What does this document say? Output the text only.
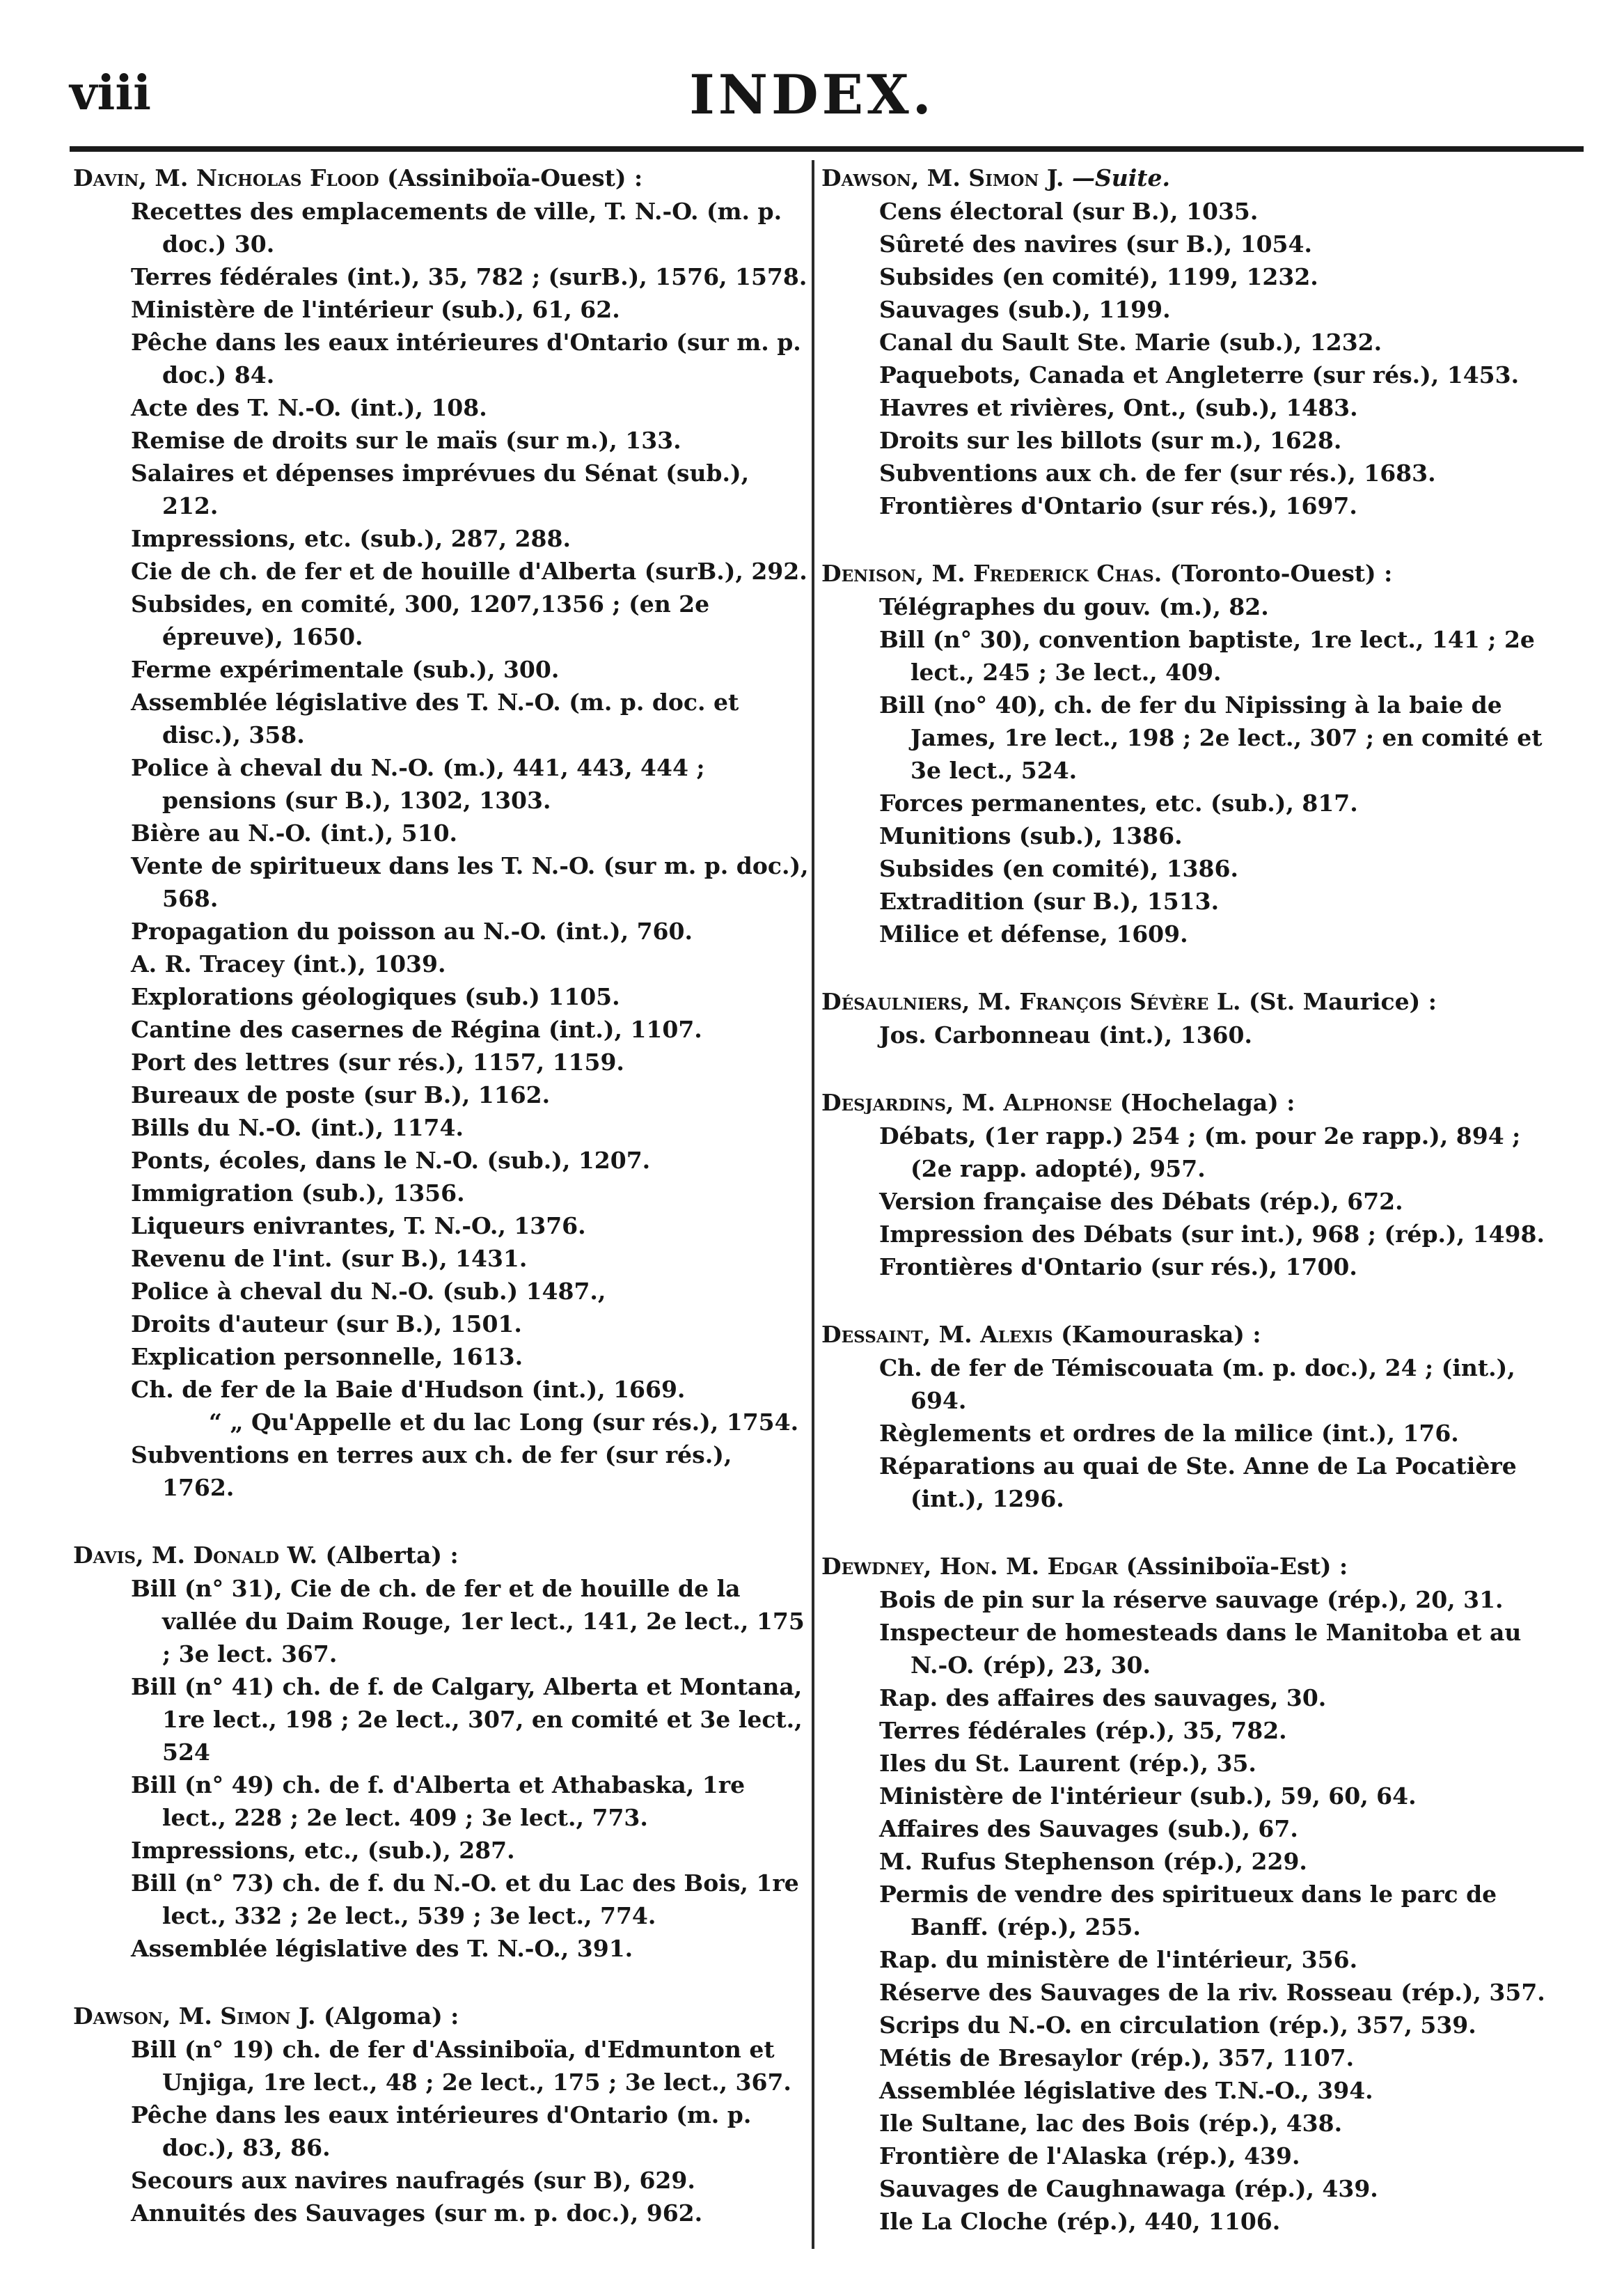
viii	INDEX.
Davin, M. Nicholas Flood (Assiniboïa-Ouest) :
Recettes des emplacements de ville, T. N.-O. (m. p. doc.) 30.
Terres fédérales (int.), 35, 782 ; (surB.), 1576, 1578.
Ministère de l'intérieur (sub.), 61, 62.
Pêche dans les eaux intérieures d'Ontario (sur m. p. doc.) 84.
Acte des T. N.-O. (int.), 108.
Remise de droits sur le maïs (sur m.), 133.
Salaires et dépenses imprévues du Sénat (sub.), 212.
Impressions, etc. (sub.), 287, 288.
Cie de ch. de fer et de houille d'Alberta (surB.), 292.
Subsides, en comité, 300, 1207,1356 ; (en 2e épreuve), 1650.
Ferme expérimentale (sub.), 300.
Assemblée législative des T. N.-O. (m. p. doc. et disc.), 358.
Police à cheval du N.-O. (m.), 441, 443, 444 ; pensions (sur B.), 1302, 1303.
Bière au N.-O. (int.), 510.
Vente de spiritueux dans les T. N.-O. (sur m. p. doc.), 568.
Propagation du poisson au N.-O. (int.), 760.
A. R. Tracey (int.), 1039.
Explorations géologiques (sub.) 1105.
Cantine des casernes de Régina (int.), 1107.
Port des lettres (sur rés.), 1157, 1159.
Bureaux de poste (sur B.), 1162.
Bills du N.-O. (int.), 1174.
Ponts, écoles, dans le N.-O. (sub.), 1207.
Immigration (sub.), 1356.
Liqueurs enivrantes, T. N.-O., 1376.
Revenu de l'int. (sur B.), 1431.
Police à cheval du N.-O. (sub.) 1487.,
Droits d'auteur (sur B.), 1501.
Explication personnelle, 1613.
Ch. de fer de la Baie d'Hudson (int.), 1669.
“ „ Qu'Appelle et du lac Long (sur rés.), 1754.
Subventions en terres aux ch. de fer (sur rés.), 1762.
Davis, M. Donald W. (Alberta) :
Bill (n° 31), Cie de ch. de fer et de houille de la vallée du Daim Rouge, 1er lect., 141, 2e lect., 175 ; 3e lect. 367.
Bill (n° 41) ch. de f. de Calgary, Alberta et Montana, 1re lect., 198 ; 2e lect., 307, en comité et 3e lect., 524
Bill (n° 49) ch. de f. d'Alberta et Athabaska, 1re lect., 228 ; 2e lect. 409 ; 3e lect., 773.
Impressions, etc., (sub.), 287.
Bill (n° 73) ch. de f. du N.-O. et du Lac des Bois, 1re lect., 332 ; 2e lect., 539 ; 3e lect., 774.
Assemblée législative des T. N.-O., 391.
Dawson, M. Simon J. (Algoma) :
Bill (n° 19) ch. de fer d'Assiniboïa, d'Edmunton et Unjiga, 1re lect., 48 ; 2e lect., 175 ; 3e lect., 367.
Pêche dans les eaux intérieures d'Ontario (m. p. doc.), 83, 86.
Secours aux navires naufragés (sur B), 629.
Annuités des Sauvages (sur m. p. doc.), 962.
Dawson, M. Simon J. —Suite.
Cens électoral (sur B.), 1035.
Sûreté des navires (sur B.), 1054.
Subsides (en comité), 1199, 1232.
Sauvages (sub.), 1199.
Canal du Sault Ste. Marie (sub.), 1232.
Paquebots, Canada et Angleterre (sur rés.), 1453.
Havres et rivières, Ont., (sub.), 1483.
Droits sur les billots (sur m.), 1628.
Subventions aux ch. de fer (sur rés.), 1683.
Frontières d'Ontario (sur rés.), 1697.
Denison, M. Frederick Chas. (Toronto-Ouest) :
Télégraphes du gouv. (m.), 82.
Bill (n° 30), convention baptiste, 1re lect., 141 ; 2e lect., 245 ; 3e lect., 409.
Bill (no° 40), ch. de fer du Nipissing à la baie de James, 1re lect., 198 ; 2e lect., 307 ; en comité et 3e lect., 524.
Forces permanentes, etc. (sub.), 817.
Munitions (sub.), 1386.
Subsides (en comité), 1386.
Extradition (sur B.), 1513.
Milice et défense, 1609.
Désaulniers, M. François Sévère L. (St. Maurice) :
Jos. Carbonneau (int.), 1360.
Desjardins, M. Alphonse (Hochelaga) :
Débats, (1er rapp.) 254 ; (m. pour 2e rapp.), 894 ; (2e rapp. adopté), 957.
Version française des Débats (rép.), 672.
Impression des Débats (sur int.), 968 ; (rép.), 1498.
Frontières d'Ontario (sur rés.), 1700.
Dessaint, M. Alexis (Kamouraska) :
Ch. de fer de Témiscouata (m. p. doc.), 24 ; (int.), 694.
Règlements et ordres de la milice (int.), 176.
Réparations au quai de Ste. Anne de La Pocatière (int.), 1296.
Dewdney, Hon. M. Edgar (Assiniboïa-Est) :
Bois de pin sur la réserve sauvage (rép.), 20, 31.
Inspecteur de homesteads dans le Manitoba et au N.-O. (rép), 23, 30.
Rap. des affaires des sauvages, 30.
Terres fédérales (rép.), 35, 782.
Iles du St. Laurent (rép.), 35.
Ministère de l'intérieur (sub.), 59, 60, 64.
Affaires des Sauvages (sub.), 67.
M. Rufus Stephenson (rép.), 229.
Permis de vendre des spiritueux dans le parc de Banff. (rép.), 255.
Rap. du ministère de l'intérieur, 356.
Réserve des Sauvages de la riv. Rosseau (rép.), 357.
Scrips du N.-O. en circulation (rép.), 357, 539.
Métis de Bresaylor (rép.), 357, 1107.
Assemblée législative des T.N.-O., 394.
Ile Sultane, lac des Bois (rép.), 438.
Frontière de l'Alaska (rép.), 439.
Sauvages de Caughnawaga (rép.), 439.
Ile La Cloche (rép.), 440, 1106.
